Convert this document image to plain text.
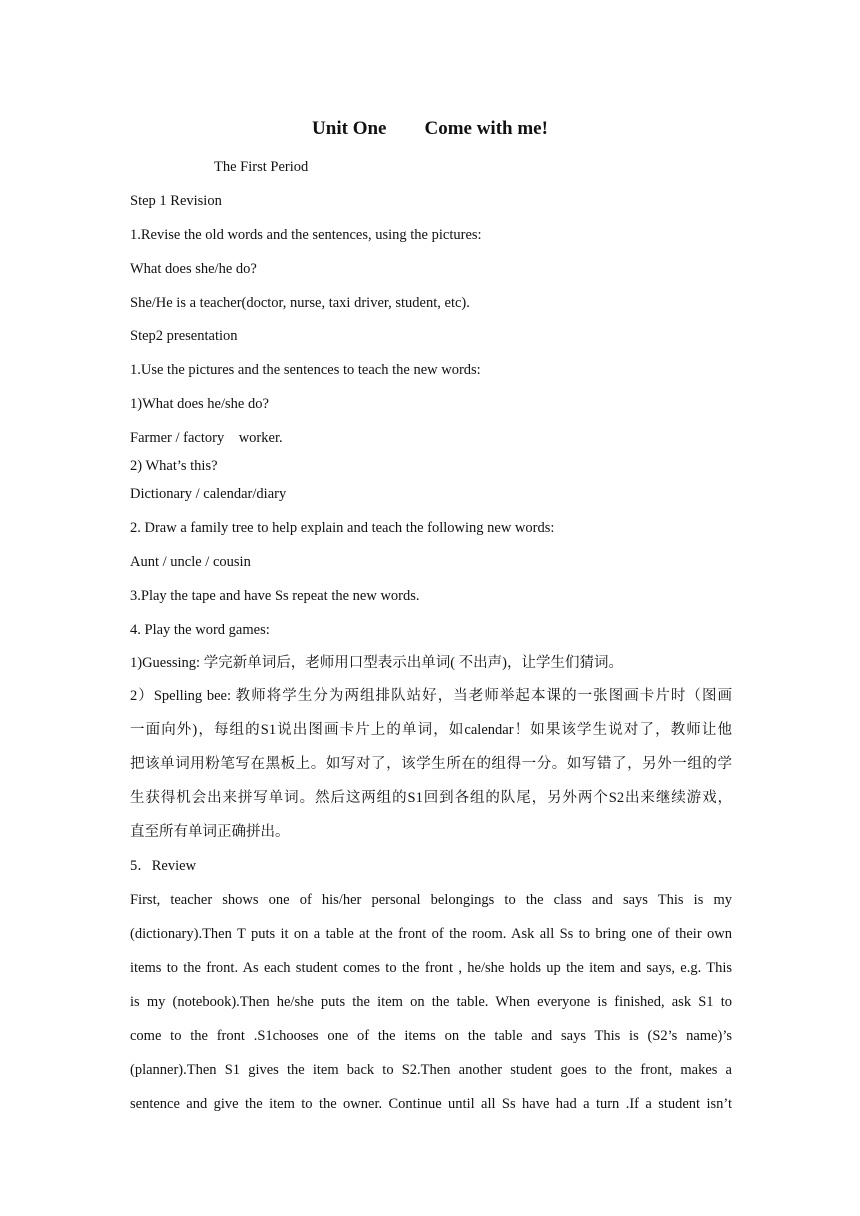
Unit One        Come with me!
The First Period
Step 1 Revision
1.Revise the old words and the sentences, using the pictures:
What does she/he do?
She/He is a teacher(doctor, nurse, taxi driver, student, etc).
Step2 presentation
1.Use the pictures and the sentences to teach the new words:
1)What does he/she do?
Farmer / factory    worker.
2) What’s this?
Dictionary / calendar/diary
2. Draw a family tree to help explain and teach the following new words:
Aunt / uncle / cousin
3.Play the tape and have Ss repeat the new words.
4. Play the word games:
1)Guessing: 学完新单词后，老师用口型表示出单词( 不出声)，让学生们猜词。
2）Spelling bee: 教师将学生分为两组排队站好，当老师举起本课的一张图画卡片时（图画
一面向外)，每组的S1说出图画卡片上的单词，如calendar！如果该学生说对了，教师让他
把该单词用粉笔写在黑板上。如写对了，该学生所在的组得一分。如写错了，另外一组的学
生获得机会出来拼写单词。然后这两组的S1回到各组的队尾，另外两个S2出来继续游戏，
直至所有单词正确拼出。
5．Review
First, teacher shows one of his/her personal belongings to the class and says This is my
(dictionary).Then T puts it on a table at the front of the room. Ask all Ss to bring one of their own
items to the front. As each student comes to the front , he/she holds up the item and says, e.g. This
is my (notebook).Then he/she puts the item on the table. When everyone is finished, ask S1 to
come to the front .S1chooses one of the items on the table and says This is (S2’s name)’s
(planner).Then S1 gives the item back to S2.Then another student goes to the front, makes a
sentence and give the item to the owner. Continue until all Ss have had a turn .If a student isn’t
